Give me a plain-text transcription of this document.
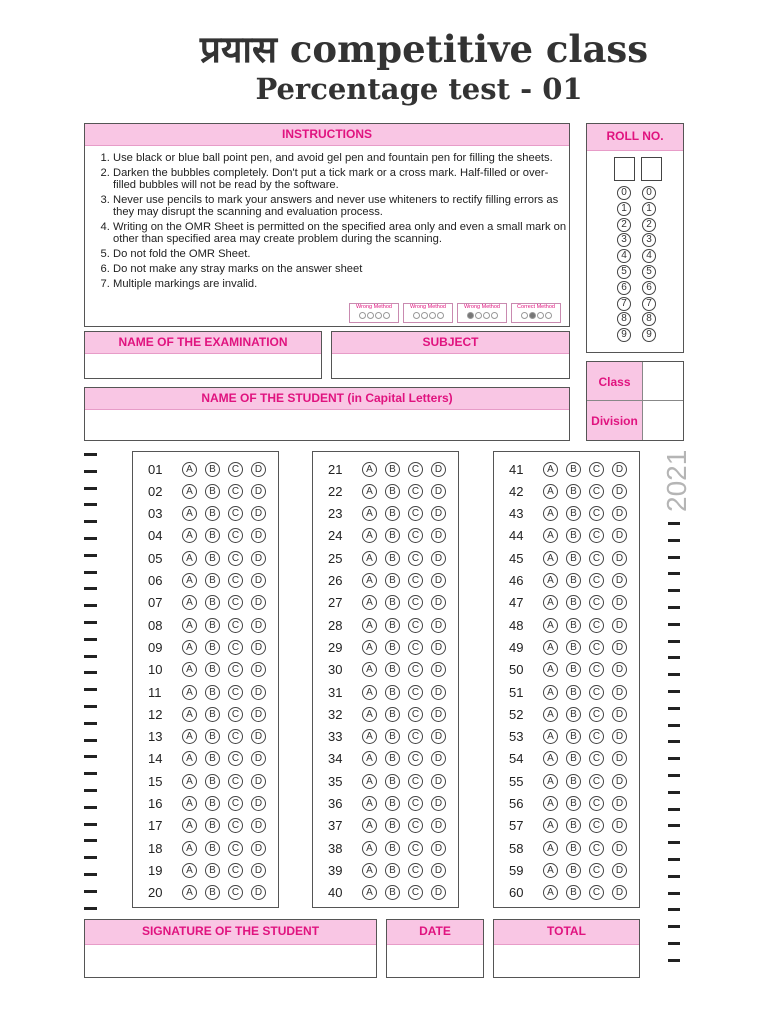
प्रयास competitive class
Percentage test - 01
INSTRUCTIONS
1. Use black or blue ball point pen, and avoid gel pen and fountain pen for filling the sheets.
2. Darken the bubbles completely. Don't put a tick mark or a cross mark. Half-filled or over-filled bubbles will not be read by the software.
3. Never use pencils to mark your answers and never use whiteners to rectify filling errors as they may disrupt the scanning and evaluation process.
4. Writing on the OMR Sheet is permitted on the specified area only and even a small mark on other than specified area may create problem during the scanning.
5. Do not fold the OMR Sheet.
6. Do not make any stray marks on the answer sheet
7. Multiple markings are invalid.
Wrong Method	Wrong Method	Wrong Method	Correct Method
ROLL NO.

0	0
1	1
2	2
3	3
4	4
5	5
6	6
7	7
8	8
9	9
NAME OF THE EXAMINATION	SUBJECT
Class
Division
NAME OF THE STUDENT (in Capital Letters)
01	A	B	C	D
02	A	B	C	D
03	A	B	C	D
04	A	B	C	D
05	A	B	C	D
06	A	B	C	D
07	A	B	C	D
08	A	B	C	D
09	A	B	C	D
10	A	B	C	D
11	A	B	C	D
12	A	B	C	D
13	A	B	C	D
14	A	B	C	D
15	A	B	C	D
16	A	B	C	D
17	A	B	C	D
18	A	B	C	D
19	A	B	C	D
20	A	B	C	D
21	A	B	C	D
22	A	B	C	D
23	A	B	C	D
24	A	B	C	D
25	A	B	C	D
26	A	B	C	D
27	A	B	C	D
28	A	B	C	D
29	A	B	C	D
30	A	B	C	D
31	A	B	C	D
32	A	B	C	D
33	A	B	C	D
34	A	B	C	D
35	A	B	C	D
36	A	B	C	D
37	A	B	C	D
38	A	B	C	D
39	A	B	C	D
40	A	B	C	D
41	A	B	C	D
42	A	B	C	D
43	A	B	C	D
44	A	B	C	D
45	A	B	C	D
46	A	B	C	D
47	A	B	C	D
48	A	B	C	D
49	A	B	C	D
50	A	B	C	D
51	A	B	C	D
52	A	B	C	D
53	A	B	C	D
54	A	B	C	D
55	A	B	C	D
56	A	B	C	D
57	A	B	C	D
58	A	B	C	D
59	A	B	C	D
60	A	B	C	D
2021
SIGNATURE OF THE STUDENT	DATE	TOTAL
